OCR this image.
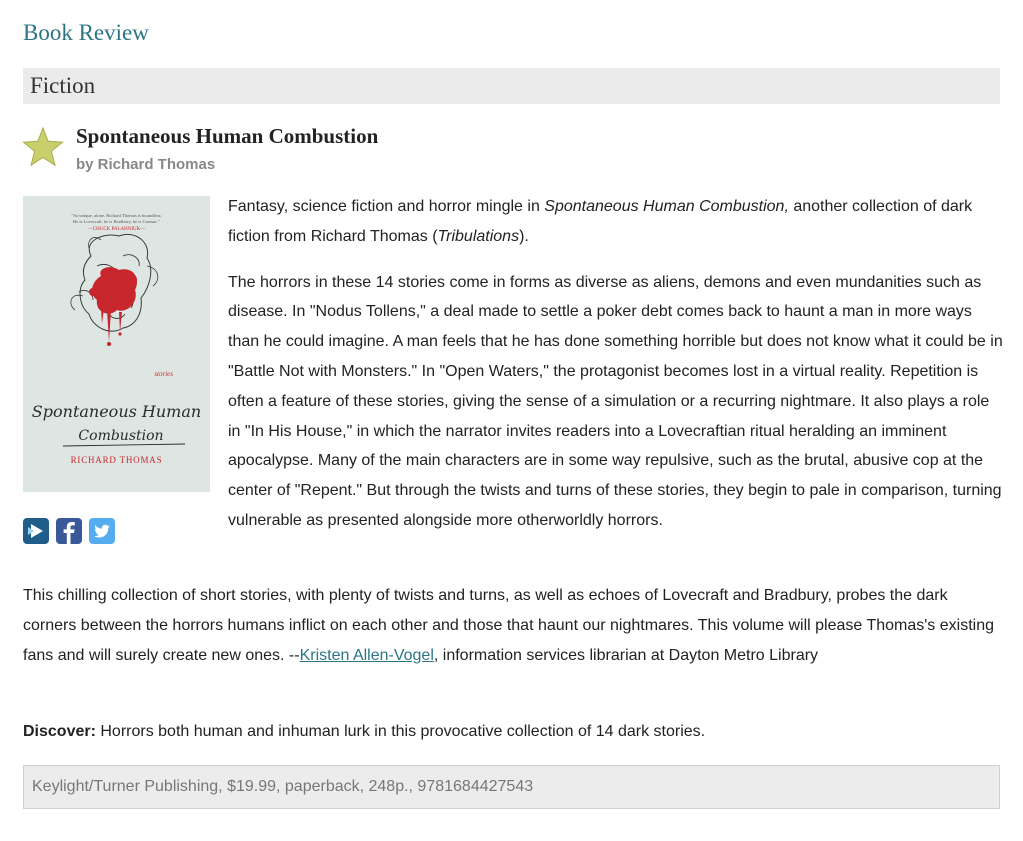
Book Review
Fiction
Spontaneous Human Combustion
by Richard Thomas
"So unique, alone, Richard Thomas is boundless;
He is Lovecraft, he is Bradbury, he is Cormac."
—CHUCK PALAHNIUK—
stories
Spontaneous Human
Combustion
RICHARD THOMAS

Fantasy, science fiction and horror mingle in Spontaneous Human Combustion, another collection of dark fiction from Richard Thomas (Tribulations).

The horrors in these 14 stories come in forms as diverse as aliens, demons and even mundanities such as disease. In "Nodus Tollens," a deal made to settle a poker debt comes back to haunt a man in more ways than he could imagine. A man feels that he has done something horrible but does not know what it could be in "Battle Not with Monsters." In "Open Waters," the protagonist becomes lost in a virtual reality. Repetition is often a feature of these stories, giving the sense of a simulation or a recurring nightmare. It also plays a role in "In His House," in which the narrator invites readers into a Lovecraftian ritual heralding an imminent apocalypse. Many of the main characters are in some way repulsive, such as the brutal, abusive cop at the center of "Repent." But through the twists and turns of these stories, they begin to pale in comparison, turning vulnerable as presented alongside more otherworldly horrors.

This chilling collection of short stories, with plenty of twists and turns, as well as echoes of Lovecraft and Bradbury, probes the dark corners between the horrors humans inflict on each other and those that haunt our nightmares. This volume will please Thomas's existing fans and will surely create new ones. --Kristen Allen-Vogel, information services librarian at Dayton Metro Library

Discover: Horrors both human and inhuman lurk in this provocative collection of 14 dark stories.

Keylight/Turner Publishing, $19.99, paperback, 248p., 9781684427543
